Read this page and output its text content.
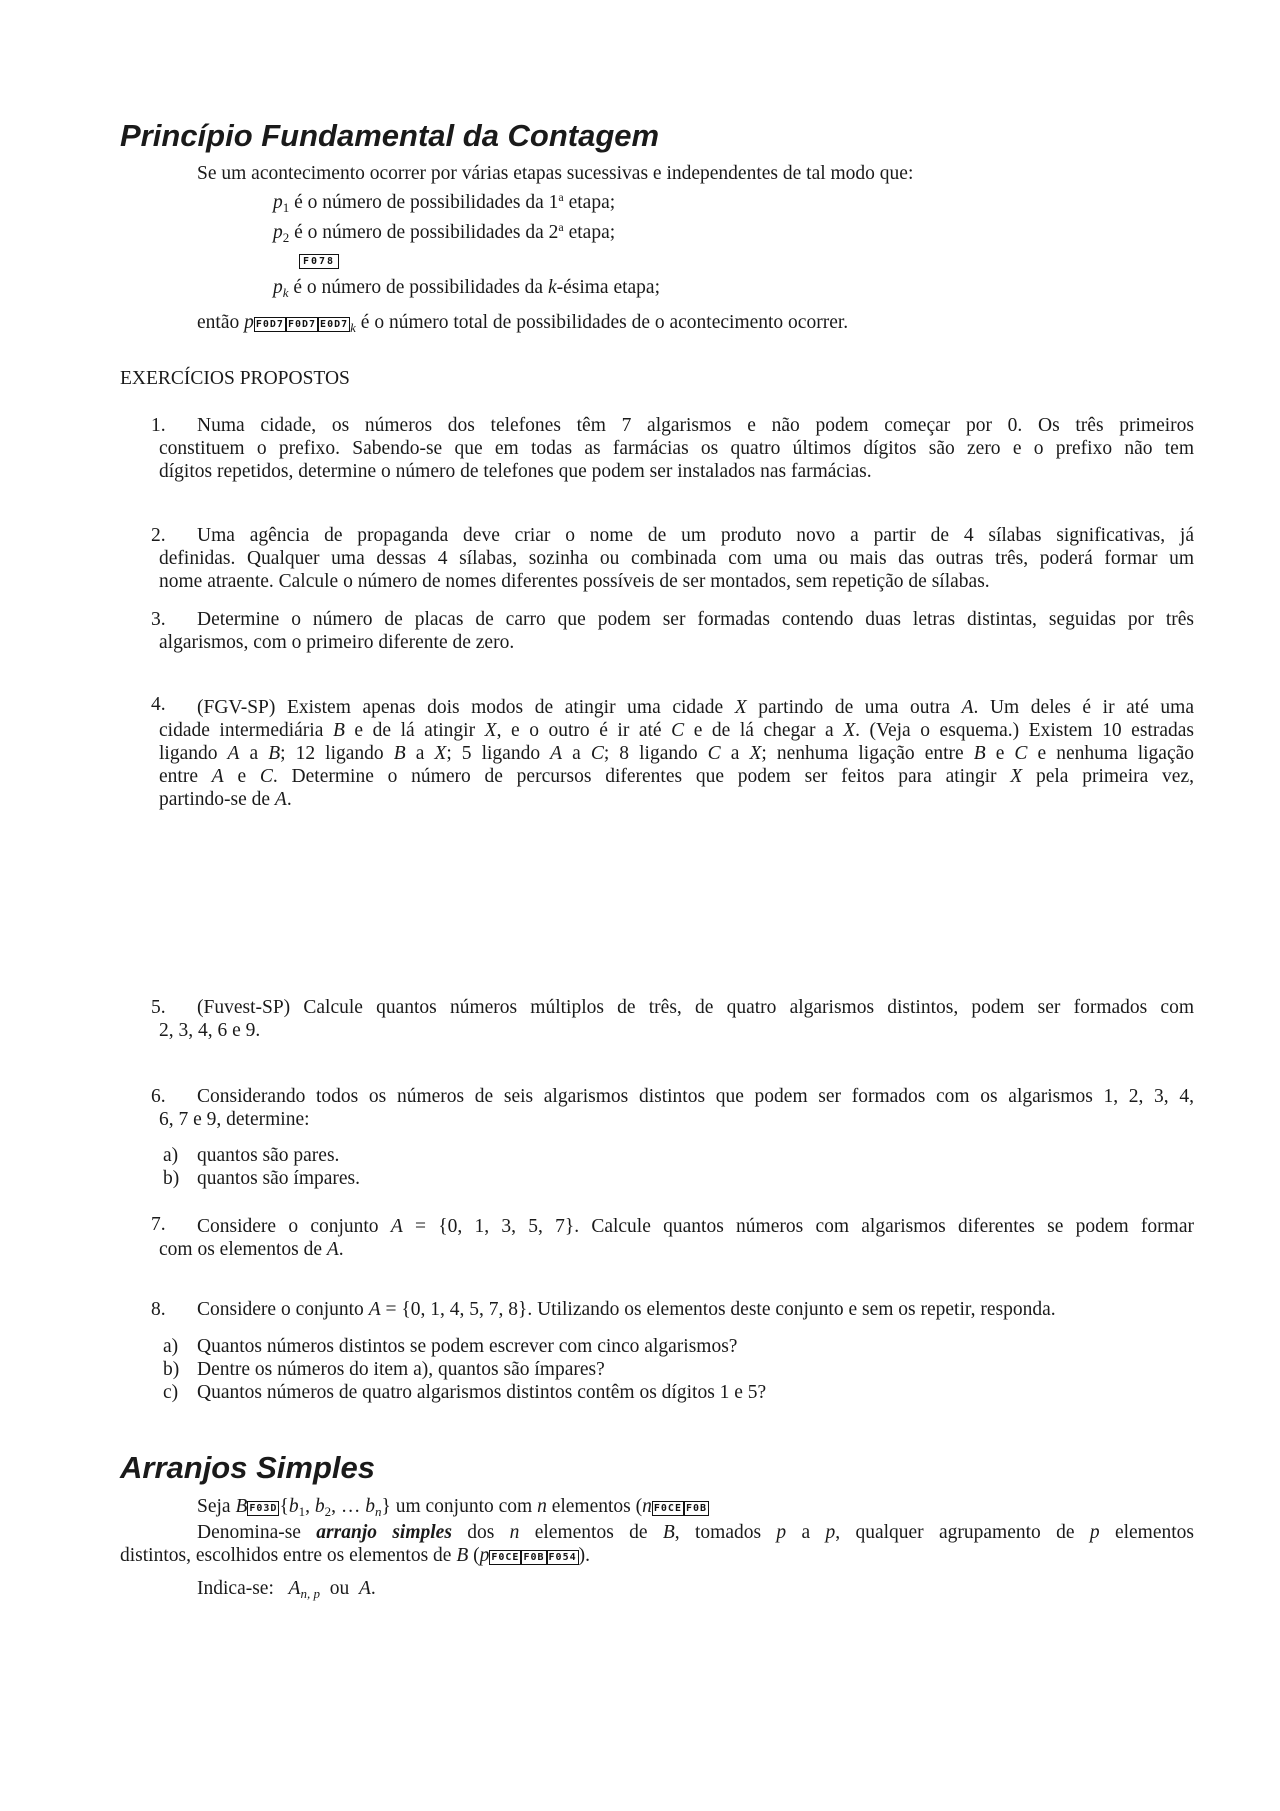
Princípio Fundamental da Contagem
Se um acontecimento ocorrer por várias etapas sucessivas e independentes de tal modo que:
$p_1$ é o número de possibilidades da 1$^a$ etapa;
$p_2$ é o número de possibilidades da 2$^a$ etapa;
F078
$p_k$ é o número de possibilidades da k-ésima etapa;
então p F0D7 F0D7 E0D7 $_k$ é o número total de possibilidades de o acontecimento ocorrer.
EXERCÍCIOS PROPOSTOS
1.	Numa cidade, os números dos telefones têm 7 algarismos e não podem começar por 0. Os três primeiros
constituem o prefixo. Sabendo-se que em todas as farmácias os quatro últimos dígitos são zero e o prefixo não tem
dígitos repetidos, determine o número de telefones que podem ser instalados nas farmácias.
2.	Uma agência de propaganda deve criar o nome de um produto novo a partir de 4 sílabas significativas, já
definidas. Qualquer uma dessas 4 sílabas, sozinha ou combinada com uma ou mais das outras três, poderá formar um
nome atraente. Calcule o número de nomes diferentes possíveis de ser montados, sem repetição de sílabas.
3.	Determine o número de placas de carro que podem ser formadas contendo duas letras distintas, seguidas por três
algarismos, com o primeiro diferente de zero.
4.	(FGV-SP) Existem apenas dois modos de atingir uma cidade X partindo de uma outra A. Um deles é ir até uma
cidade intermediária B e de lá atingir X, e o outro é ir até C e de lá chegar a X. (Veja o esquema.) Existem 10 estradas
ligando A a B; 12 ligando B a X; 5 ligando A a C; 8 ligando C a X; nenhuma ligação entre B e C e nenhuma ligação
entre A e C. Determine o número de percursos diferentes que podem ser feitos para atingir X pela primeira vez,
partindo-se de A.
5.	(Fuvest-SP) Calcule quantos números múltiplos de três, de quatro algarismos distintos, podem ser formados com
2, 3, 4, 6 e 9.
6.	Considerando todos os números de seis algarismos distintos que podem ser formados com os algarismos 1, 2, 3, 4,
6, 7 e 9, determine:
a) quantos são pares.
b) quantos são ímpares.
7.	Considere o conjunto A = {0, 1, 3, 5, 7}. Calcule quantos números com algarismos diferentes se podem formar
com os elementos de A.
8.	Considere o conjunto A = {0, 1, 4, 5, 7, 8}. Utilizando os elementos deste conjunto e sem os repetir, responda.
a) Quantos números distintos se podem escrever com cinco algarismos?
b) Dentre os números do item a), quantos são ímpares?
c) Quantos números de quatro algarismos distintos contêm os dígitos 1 e 5?
Arranjos Simples
Seja B F03D {$b_1$, $b_2$, … $b_n$} um conjunto com n elementos (n F0CE F0B
Denomina-se arranjo simples dos n elementos de B, tomados p a p, qualquer agrupamento de p elementos
distintos, escolhidos entre os elementos de B (p F0CE F0B F054 ).
Indica-se: $A_{n, p}$ ou A.
